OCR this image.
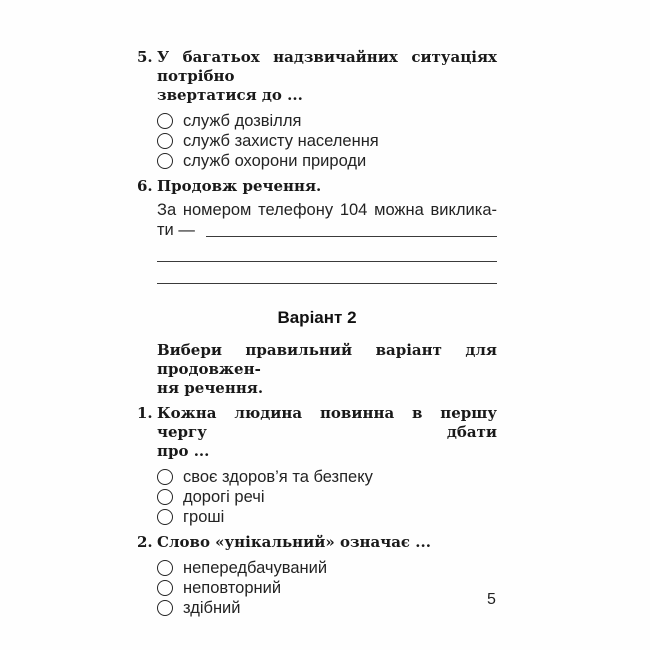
5. У багатьох надзвичайних ситуаціях потрібно
звертатися до ...
служб дозвілля
служб захисту населення
служб охорони природи
6. Продовж речення.
За номером телефону 104 можна виклика-
ти —
Варіант 2
Вибери правильний варіант для продовжен-
ня речення.
1. Кожна людина повинна в першу чергу дбати
про ...
своє здоров’я та безпеку
дорогі речі
гроші
2. Слово «унікальний» означає ...
непередбачуваний
неповторний
здібний	5
